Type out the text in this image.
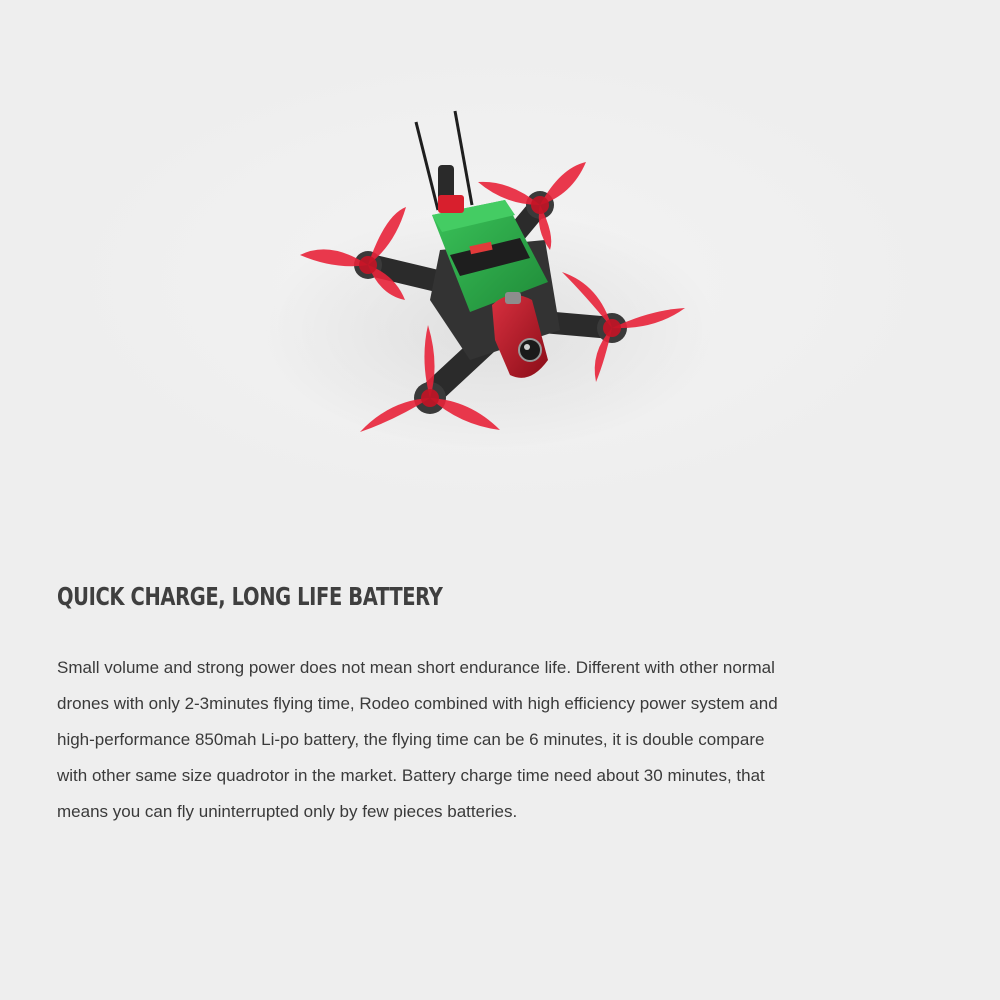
QUICK CHARGE, LONG LIFE BATTERY

Small volume and strong power does not mean short endurance life. Different with other normal
drones with only 2-3minutes flying time, Rodeo combined with high efficiency power system and
high-performance 850mah Li-po battery, the flying time can be 6 minutes, it is double compare
with other same size quadrotor in the market. Battery charge time need about 30 minutes, that
means you can fly uninterrupted only by few pieces batteries.
